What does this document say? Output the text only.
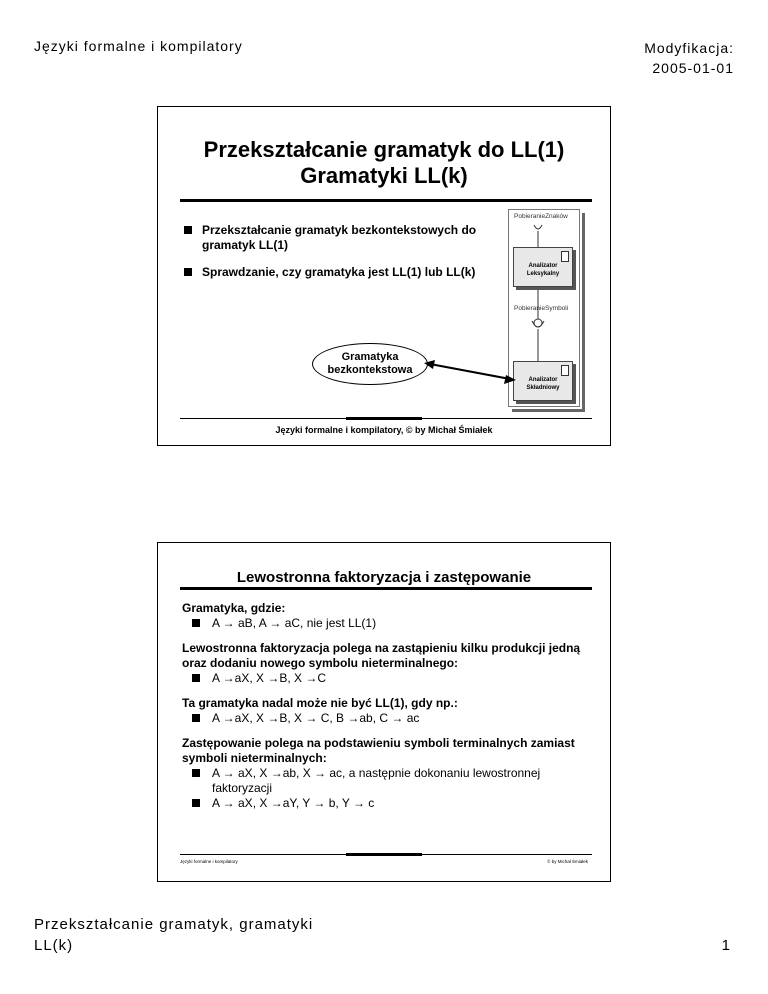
Języki formalne i kompilatory	Modyfikacja:
2005-01-01
Przekształcanie gramatyk do LL(1)
Gramatyki LL(k)
Przekształcanie gramatyk bezkontekstowych do gramatyk LL(1)
Sprawdzanie, czy gramatyka jest LL(1) lub LL(k)
PobieranieZnaków
Analizator Leksykalny
PobieranieSymboli
Analizator Składniowy
Gramatyka
bezkontekstowa
Języki formalne i kompilatory, © by Michał Śmiałek
Lewostronna faktoryzacja i zastępowanie
Gramatyka, gdzie:
A → aB, A → aC, nie jest LL(1)
Lewostronna faktoryzacja polega na zastąpieniu kilku produkcji jedną oraz dodaniu nowego symbolu nieterminalnego:
A →aX, X →B, X →C
Ta gramatyka nadal może nie być LL(1), gdy np.:
A →aX, X →B, X → C, B →ab, C → ac
Zastępowanie polega na podstawieniu symboli terminalnych zamiast symboli nieterminalnych:
A → aX, X →ab, X → ac, a następnie dokonaniu lewostronnej faktoryzacji
A → aX, X →aY, Y → b, Y → c
Języki formalne i kompilatory	© by Michał Śmiałek
Przekształcanie gramatyk, gramatyki
LL(k)	1
